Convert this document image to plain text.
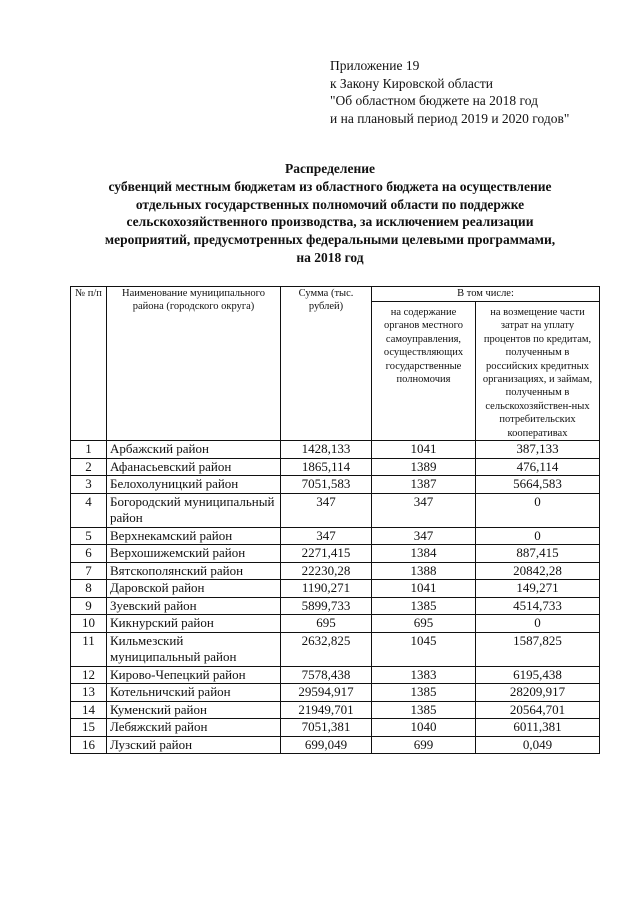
Приложение 19
к Закону Кировской области
"Об областном бюджете на 2018 год
и на плановый период 2019 и 2020 годов"
Распределение
субвенций местным бюджетам из областного бюджета на осуществление
отдельных государственных полномочий области по поддержке
сельскохозяйственного производства, за исключением реализации
мероприятий, предусмотренных федеральными целевыми программами,
на 2018 год
№ п/п	Наименование муниципального района (городского округа)	Сумма (тыс. рублей)	В том числе:	
			на содержание органов местного самоуправления, осуществляющих государственные полномочия	на возмещение части затрат на уплату процентов по кредитам, полученным в российских кредитных организациях, и займам, полученным в сельскохозяйствен-ных потребительских кооперативах
1	Арбажский район	1428,133	1041	387,133
2	Афанасьевский район	1865,114	1389	476,114
3	Белохолуницкий район	7051,583	1387	5664,583
4	Богородский муниципальный район	347	347	0
5	Верхнекамский район	347	347	0
6	Верхошижемский район	2271,415	1384	887,415
7	Вятскополянский район	22230,28	1388	20842,28
8	Даровской район	1190,271	1041	149,271
9	Зуевский район	5899,733	1385	4514,733
10	Кикнурский район	695	695	0
11	Кильмезский муниципальный район	2632,825	1045	1587,825
12	Кирово-Чепецкий район	7578,438	1383	6195,438
13	Котельничский район	29594,917	1385	28209,917
14	Куменский район	21949,701	1385	20564,701
15	Лебяжский район	7051,381	1040	6011,381
16	Лузский район	699,049	699	0,049
